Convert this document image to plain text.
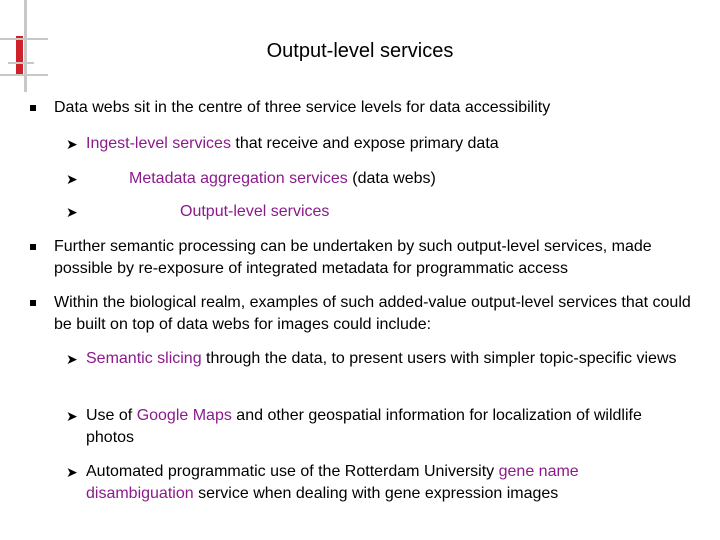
Output-level services
Data webs sit in the centre of three service levels for data accessibility
➤ Ingest-level services that receive and expose primary data
➤	Metadata aggregation services (data webs)
➤	Output-level services
Further semantic processing can be undertaken by such output-level services, made possible by re-exposure of integrated metadata for programmatic access
Within the biological realm, examples of such added-value output-level services that could be built on top of data webs for images could include:
➤ Semantic slicing through the data, to present users with simpler topic-specific views
➤ Use of Google Maps and other geospatial information for localization of wildlife photos
➤ Automated programmatic use of the Rotterdam University gene name disambiguation service when dealing with gene expression images
